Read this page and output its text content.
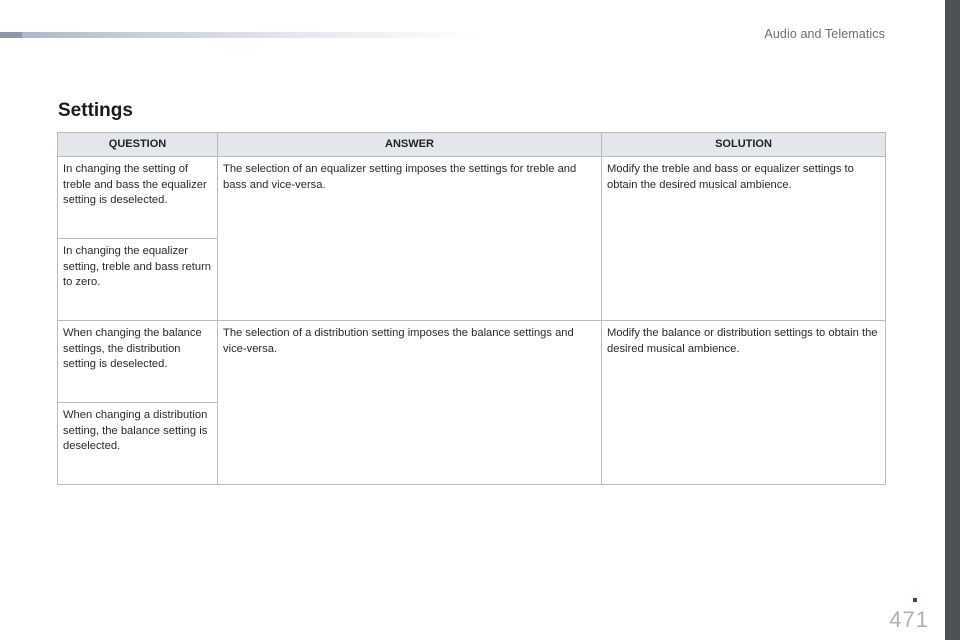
Audio and Telematics
Settings
QUESTION	ANSWER	SOLUTION
In changing the setting of treble and bass the equalizer setting is deselected.	The selection of an equalizer setting imposes the settings for treble and bass and vice-versa.	Modify the treble and bass or equalizer settings to obtain the desired musical ambience.
In changing the equalizer setting, treble and bass return to zero.		
When changing the balance settings, the distribution setting is deselected.	The selection of a distribution setting imposes the balance settings and vice-versa.	Modify the balance or distribution settings to obtain the desired musical ambience.
When changing a distribution setting, the balance setting is deselected.		
471
